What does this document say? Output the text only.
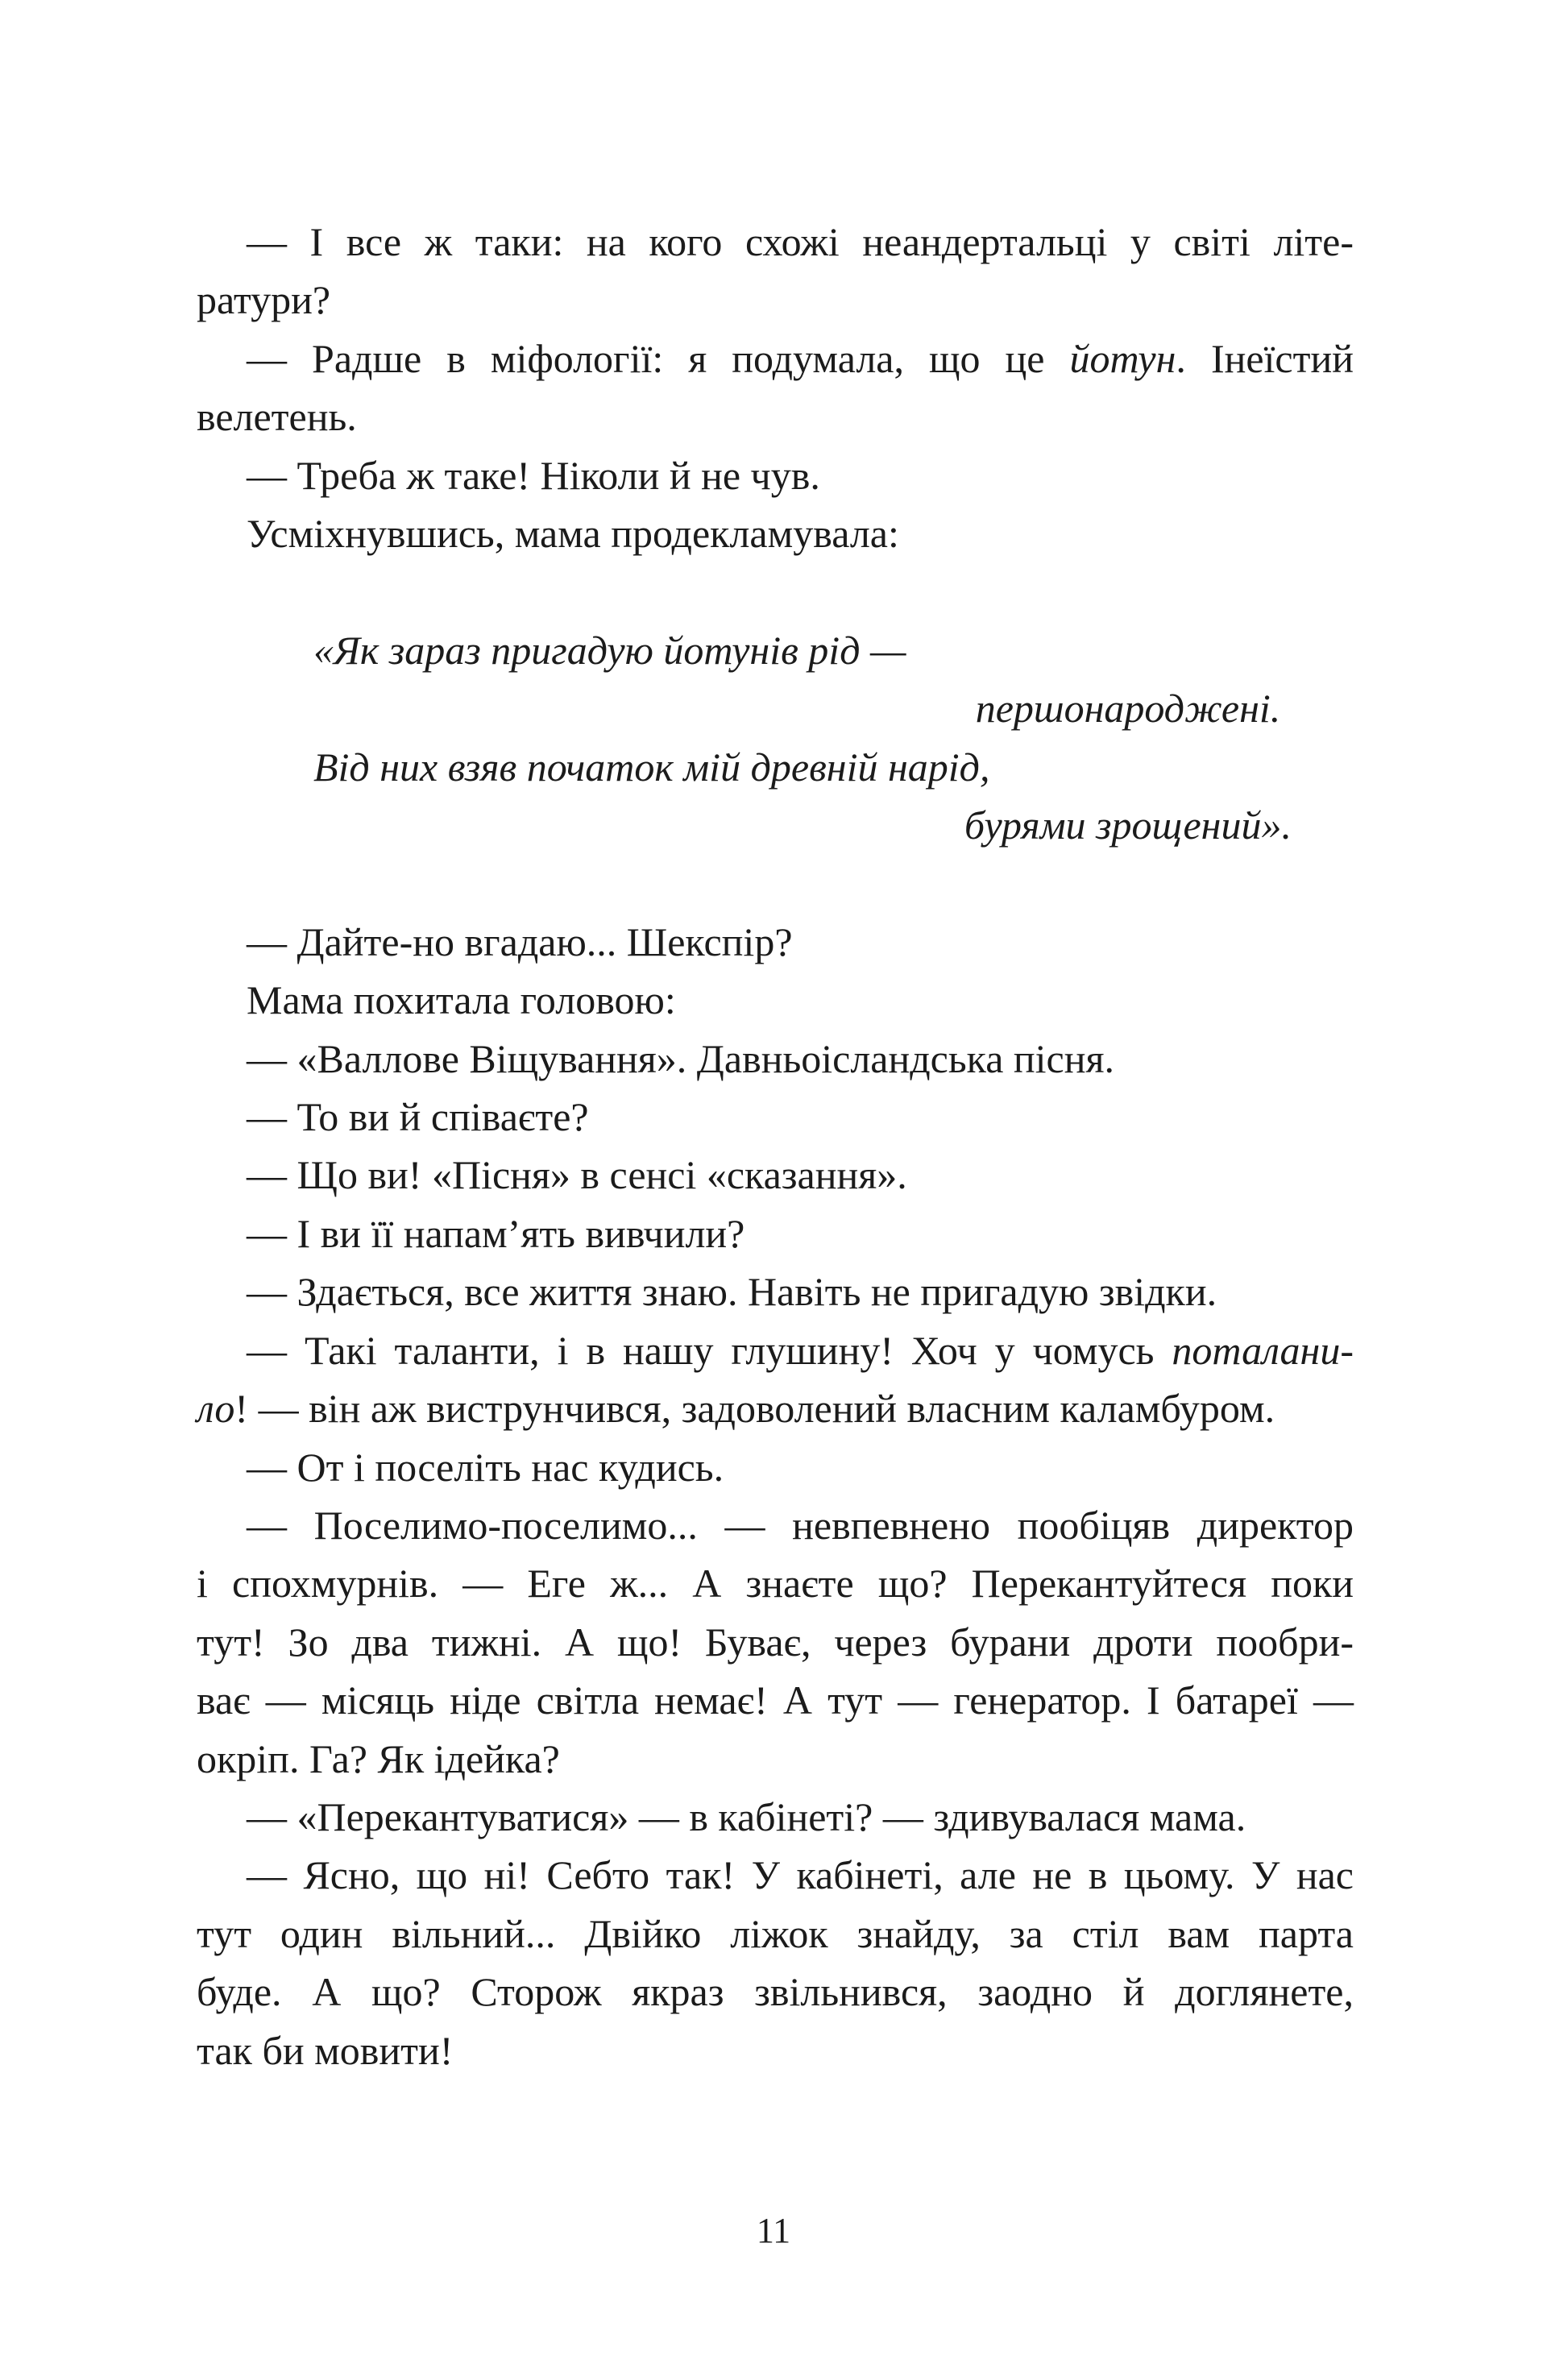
— І все ж таки: на кого схожі неандертальці у світі літе-
ратури?
— Радше в міфології: я подумала, що це йотун. Інеїстий
велетень.
— Треба ж таке! Ніколи й не чув.
Усміхнувшись, мама продекламувала:
«Як зараз пригадую йотунів рід —
першонароджені.
Від них взяв початок мій древній нарід,
бурями зрощений».
— Дайте-но вгадаю... Шекспір?
Мама похитала головою:
— «Валлове Віщування». Давньоісландська пісня.
— То ви й співаєте?
— Що ви! «Пісня» в сенсі «сказання».
— І ви її напам’ять вивчили?
— Здається, все життя знаю. Навіть не пригадую звідки.
— Такі таланти, і в нашу глушину! Хоч у чомусь поталани-
ло! — він аж виструнчився, задоволений власним каламбуром.
— От і поселіть нас кудись.
— Поселимо-поселимо... — невпевнено пообіцяв директор
і спохмурнів. — Еге ж... А знаєте що? Перекантуйтеся поки
тут! Зо два тижні. А що! Буває, через бурани дроти пообри-
ває — місяць ніде світла немає! А тут — генератор. І батареї —
окріп. Га? Як ідейка?
— «Перекантуватися» — в кабінеті? — здивувалася мама.
— Ясно, що ні! Себто так! У кабінеті, але не в цьому. У нас
тут один вільний... Двійко ліжок знайду, за стіл вам парта
буде. А що? Сторож якраз звільнився, заодно й доглянете,
так би мовити!
11
